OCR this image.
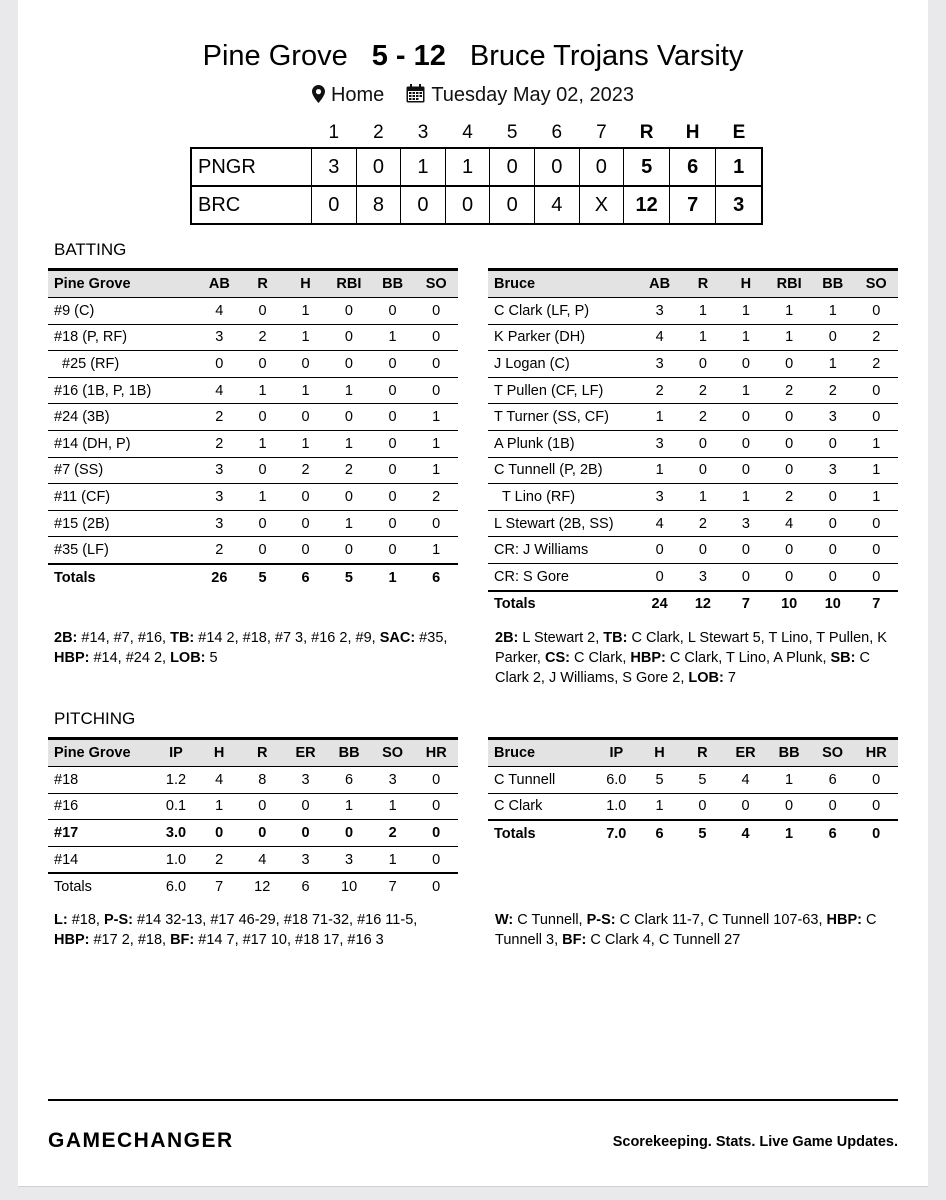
Pine Grove 5 - 12 Bruce Trojans Varsity
Home Tuesday May 02, 2023
	1	2	3	4	5	6	7	R	H	E
PNGR	3	0	1	1	0	0	0	5	6	1
BRC	0	8	0	0	0	4	X	12	7	3
BATTING
Pine Grove	AB	R	H	RBI	BB	SO
#9 (C)	4	0	1	0	0	0
#18 (P, RF)	3	2	1	0	1	0
#25 (RF)	0	0	0	0	0	0
#16 (1B, P, 1B)	4	1	1	1	0	0
#24 (3B)	2	0	0	0	0	1
#14 (DH, P)	2	1	1	1	0	1
#7 (SS)	3	0	2	2	0	1
#11 (CF)	3	1	0	0	0	2
#15 (2B)	3	0	0	1	0	0
#35 (LF)	2	0	0	0	0	1
Totals	26	5	6	5	1	6
Bruce	AB	R	H	RBI	BB	SO
C Clark (LF, P)	3	1	1	1	1	0
K Parker (DH)	4	1	1	1	0	2
J Logan (C)	3	0	0	0	1	2
T Pullen (CF, LF)	2	2	1	2	2	0
T Turner (SS, CF)	1	2	0	0	3	0
A Plunk (1B)	3	0	0	0	0	1
C Tunnell (P, 2B)	1	0	0	0	3	1
T Lino (RF)	3	1	1	2	0	1
L Stewart (2B, SS)	4	2	3	4	0	0
CR: J Williams	0	0	0	0	0	0
CR: S Gore	0	3	0	0	0	0
Totals	24	12	7	10	10	7
2B: #14, #7, #16, TB: #14 2, #18, #7 3, #16 2, #9, SAC: #35, HBP: #14, #24 2, LOB: 5
2B: L Stewart 2, TB: C Clark, L Stewart 5, T Lino, T Pullen, K Parker, CS: C Clark, HBP: C Clark, T Lino, A Plunk, SB: C Clark 2, J Williams, S Gore 2, LOB: 7
PITCHING
Pine Grove	IP	H	R	ER	BB	SO	HR
#18	1.2	4	8	3	6	3	0
#16	0.1	1	0	0	1	1	0
#17	3.0	0	0	0	0	2	0
#14	1.0	2	4	3	3	1	0
Totals	6.0	7	12	6	10	7	0
Bruce	IP	H	R	ER	BB	SO	HR
C Tunnell	6.0	5	5	4	1	6	0
C Clark	1.0	1	0	0	0	0	0
Totals	7.0	6	5	4	1	6	0
L: #18, P-S: #14 32-13, #17 46-29, #18 71-32, #16 11-5, HBP: #17 2, #18, BF: #14 7, #17 10, #18 17, #16 3
W: C Tunnell, P-S: C Clark 11-7, C Tunnell 107-63, HBP: C Tunnell 3, BF: C Clark 4, C Tunnell 27
GAMECHANGER	Scorekeeping. Stats. Live Game Updates.
